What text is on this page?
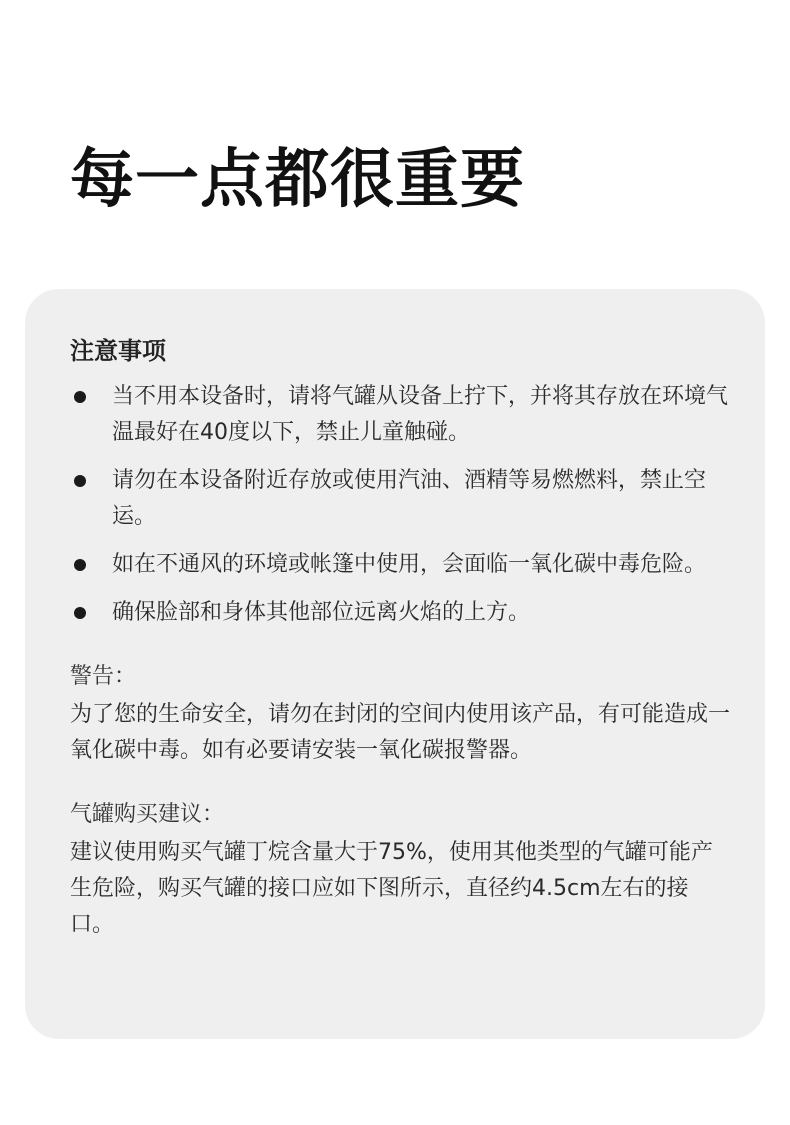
每一点都很重要
注意事项
当不用本设备时，请将气罐从设备上拧下，并将其存放在环境气温最好在40度以下，禁止儿童触碰。
请勿在本设备附近存放或使用汽油、酒精等易燃燃料，禁止空运。
如在不通风的环境或帐篷中使用，会面临一氧化碳中毒危险。
确保脸部和身体其他部位远离火焰的上方。
警告：
为了您的生命安全，请勿在封闭的空间内使用该产品，有可能造成一氧化碳中毒。如有必要请安装一氧化碳报警器。
气罐购买建议：
建议使用购买气罐丁烷含量大于75%，使用其他类型的气罐可能产生危险，购买气罐的接口应如下图所示，直径约4.5cm左右的接口。
